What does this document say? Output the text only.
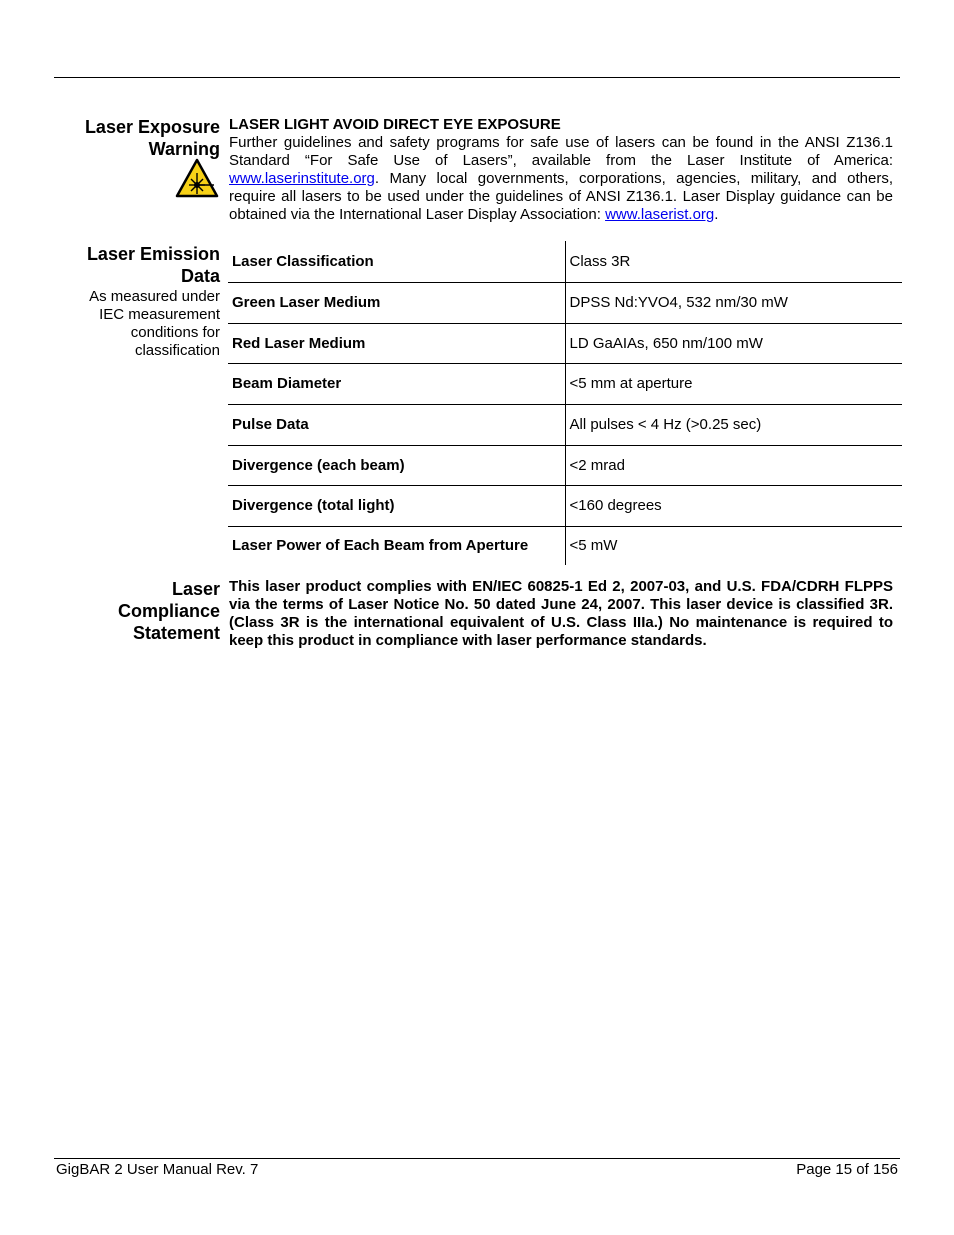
Laser Exposure
Warning
LASER LIGHT AVOID DIRECT EYE EXPOSURE
Further guidelines and safety programs for safe use of lasers can be found in the ANSI Z136.1 Standard “For Safe Use of Lasers”, available from the Laser Institute of America: www.laserinstitute.org. Many local governments, corporations, agencies, military, and others, require all lasers to be used under the guidelines of ANSI Z136.1. Laser Display guidance can be obtained via the International Laser Display Association: www.laserist.org.
Laser Emission
Data
As measured under
IEC measurement
conditions for
classification
Laser Classification	Class 3R
Green Laser Medium	DPSS Nd:YVO4, 532 nm/30 mW
Red Laser Medium	LD GaAIAs, 650 nm/100 mW
Beam Diameter	<5 mm at aperture
Pulse Data	All pulses < 4 Hz (>0.25 sec)
Divergence (each beam)	<2 mrad
Divergence (total light)	<160 degrees
Laser Power of Each Beam from Aperture	<5 mW
Laser
Compliance
Statement
This laser product complies with EN/IEC 60825-1 Ed 2, 2007-03, and U.S. FDA/CDRH FLPPS via the terms of Laser Notice No. 50 dated June 24, 2007. This laser device is classified 3R. (Class 3R is the international equivalent of U.S. Class IIIa.) No maintenance is required to keep this product in compliance with laser performance standards.
GigBAR 2 User Manual Rev. 7	Page 15 of 156
